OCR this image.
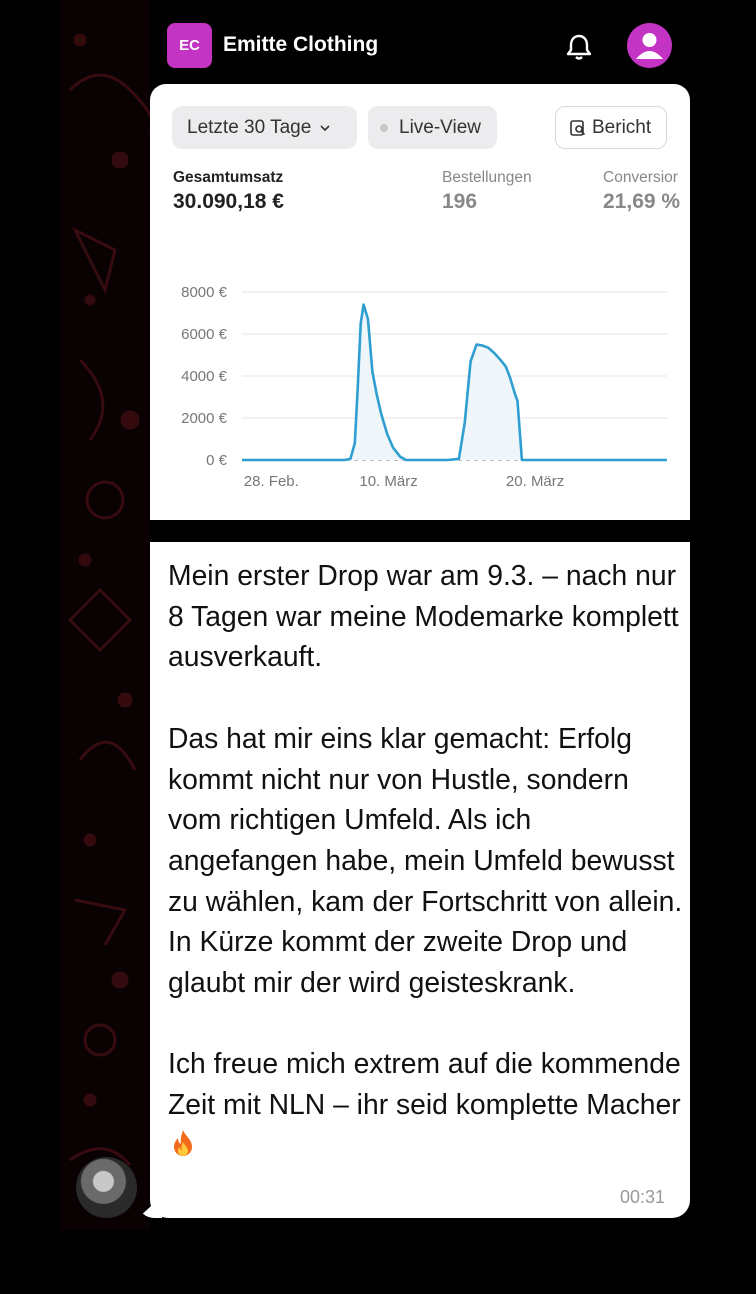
EC	Emitte Clothing
Letzte 30 Tage	Live-View	Bericht
Gesamtumsatz
30.090,18 €
Bestellungen
196
Conversior
21,69 %
8000 €
6000 €
4000 €
2000 €
0 €
28. Feb.	10. März	20. März
Mein erster Drop war am 9.3. – nach nur 8 Tagen war meine Modemarke komplett ausverkauft.

Das hat mir eins klar gemacht: Erfolg kommt nicht nur von Hustle, sondern vom richtigen Umfeld. Als ich angefangen habe, mein Umfeld bewusst zu wählen, kam der Fortschritt von allein. In Kürze kommt der zweite Drop und glaubt mir der wird geisteskrank.

Ich freue mich extrem auf die kommende Zeit mit NLN – ihr seid komplette Macher
00:31
